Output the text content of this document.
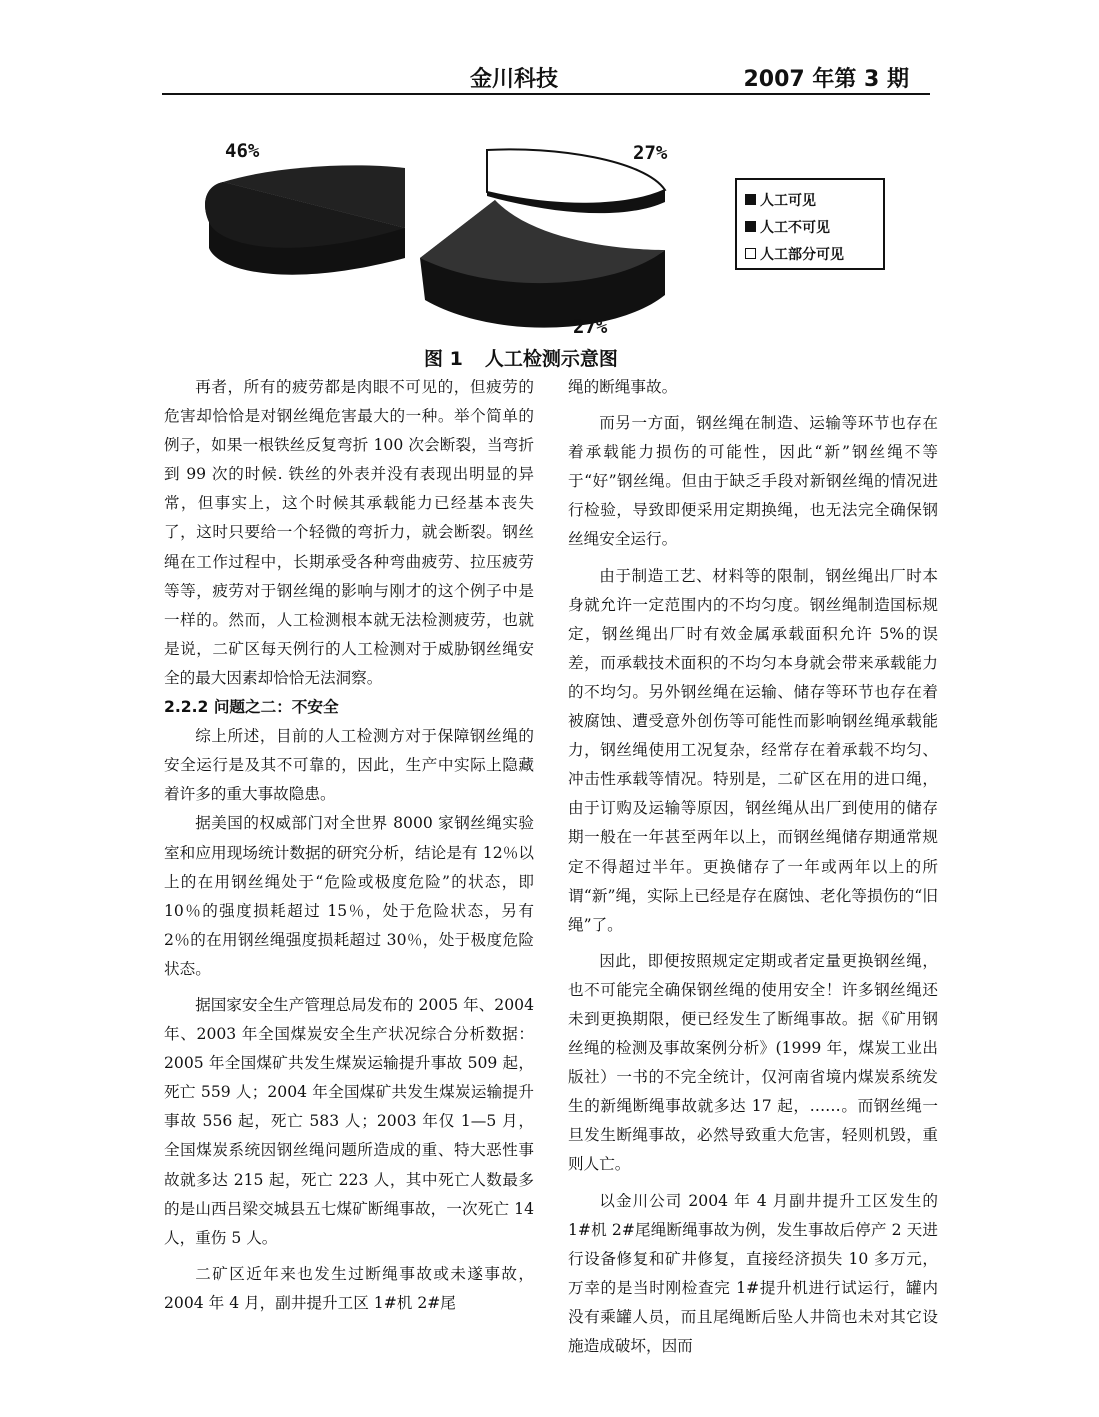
金川科技	2007 年第 3 期
46%	27%
27%
人工可见
人工不可见
人工部分可见
图 1 人工检测示意图

再者，所有的疲劳都是肉眼不可见的，但疲劳的危害却恰恰是对钢丝绳危害最大的一种。举个简单的例子，如果一根铁丝反复弯折 100 次会断裂，当弯折到 99 次的时候. 铁丝的外表并没有表现出明显的异常，但事实上，这个时候其承载能力已经基本丧失了，这时只要给一个轻微的弯折力，就会断裂。钢丝绳在工作过程中，长期承受各种弯曲疲劳、拉压疲劳等等，疲劳对于钢丝绳的影响与刚才的这个例子中是一样的。然而，人工检测根本就无法检测疲劳，也就是说，二矿区每天例行的人工检测对于威胁钢丝绳安全的最大因素却恰恰无法洞察。

2.2.2 问题之二：不安全

综上所述，目前的人工检测方对于保障钢丝绳的安全运行是及其不可靠的，因此，生产中实际上隐藏着许多的重大事故隐患。

据美国的权威部门对全世界 8000 家钢丝绳实验室和应用现场统计数据的研究分析，结论是有 12％以上的在用钢丝绳处于“危险或极度危险”的状态，即 10％的强度损耗超过 15％，处于危险状态，另有 2％的在用钢丝绳强度损耗超过 30％，处于极度危险状态。

据国家安全生产管理总局发布的 2005 年、2004 年、2003 年全国煤炭安全生产状况综合分析数据：2005 年全国煤矿共发生煤炭运输提升事故 509 起，死亡 559 人；2004 年全国煤矿共发生煤炭运输提升事故 556 起，死亡 583 人；2003 年仅 1—5 月，全国煤炭系统因钢丝绳问题所造成的重、特大恶性事故就多达 215 起，死亡 223 人，其中死亡人数最多的是山西吕梁交城县五七煤矿断绳事故，一次死亡 14 人，重伤 5 人。

二矿区近年来也发生过断绳事故或未遂事故，2004 年 4 月，副井提升工区 1#机 2#尾

绳的断绳事故。

而另一方面，钢丝绳在制造、运输等环节也存在着承载能力损伤的可能性，因此“新”钢丝绳不等于“好”钢丝绳。但由于缺乏手段对新钢丝绳的情况进行检验，导致即便采用定期换绳，也无法完全确保钢丝绳安全运行。

由于制造工艺、材料等的限制，钢丝绳出厂时本身就允许一定范围内的不均匀度。钢丝绳制造国标规定，钢丝绳出厂时有效金属承载面积允许 5%的误差，而承载技术面积的不均匀本身就会带来承载能力的不均匀。另外钢丝绳在运输、储存等环节也存在着被腐蚀、遭受意外创伤等可能性而影响钢丝绳承载能力，钢丝绳使用工况复杂，经常存在着承载不均匀、冲击性承载等情况。特别是，二矿区在用的进口绳，由于订购及运输等原因，钢丝绳从出厂到使用的储存期一般在一年甚至两年以上，而钢丝绳储存期通常规定不得超过半年。更换储存了一年或两年以上的所谓“新”绳，实际上已经是存在腐蚀、老化等损伤的“旧绳”了。

因此，即便按照规定定期或者定量更换钢丝绳，也不可能完全确保钢丝绳的使用安全！许多钢丝绳还未到更换期限，便已经发生了断绳事故。据《矿用钢丝绳的检测及事故案例分析》(1999 年，煤炭工业出版社）一书的不完全统计，仅河南省境内煤炭系统发生的新绳断绳事故就多达 17 起，……。而钢丝绳一旦发生断绳事故，必然导致重大危害，轻则机毁，重则人亡。

以金川公司 2004 年 4 月副井提升工区发生的 1#机 2#尾绳断绳事故为例，发生事故后停产 2 天进行设备修复和矿井修复，直接经济损失 10 多万元，万幸的是当时刚检查完 1#提升机进行试运行，罐内没有乘罐人员，而且尾绳断后坠人井筒也未对其它设施造成破坏，因而
